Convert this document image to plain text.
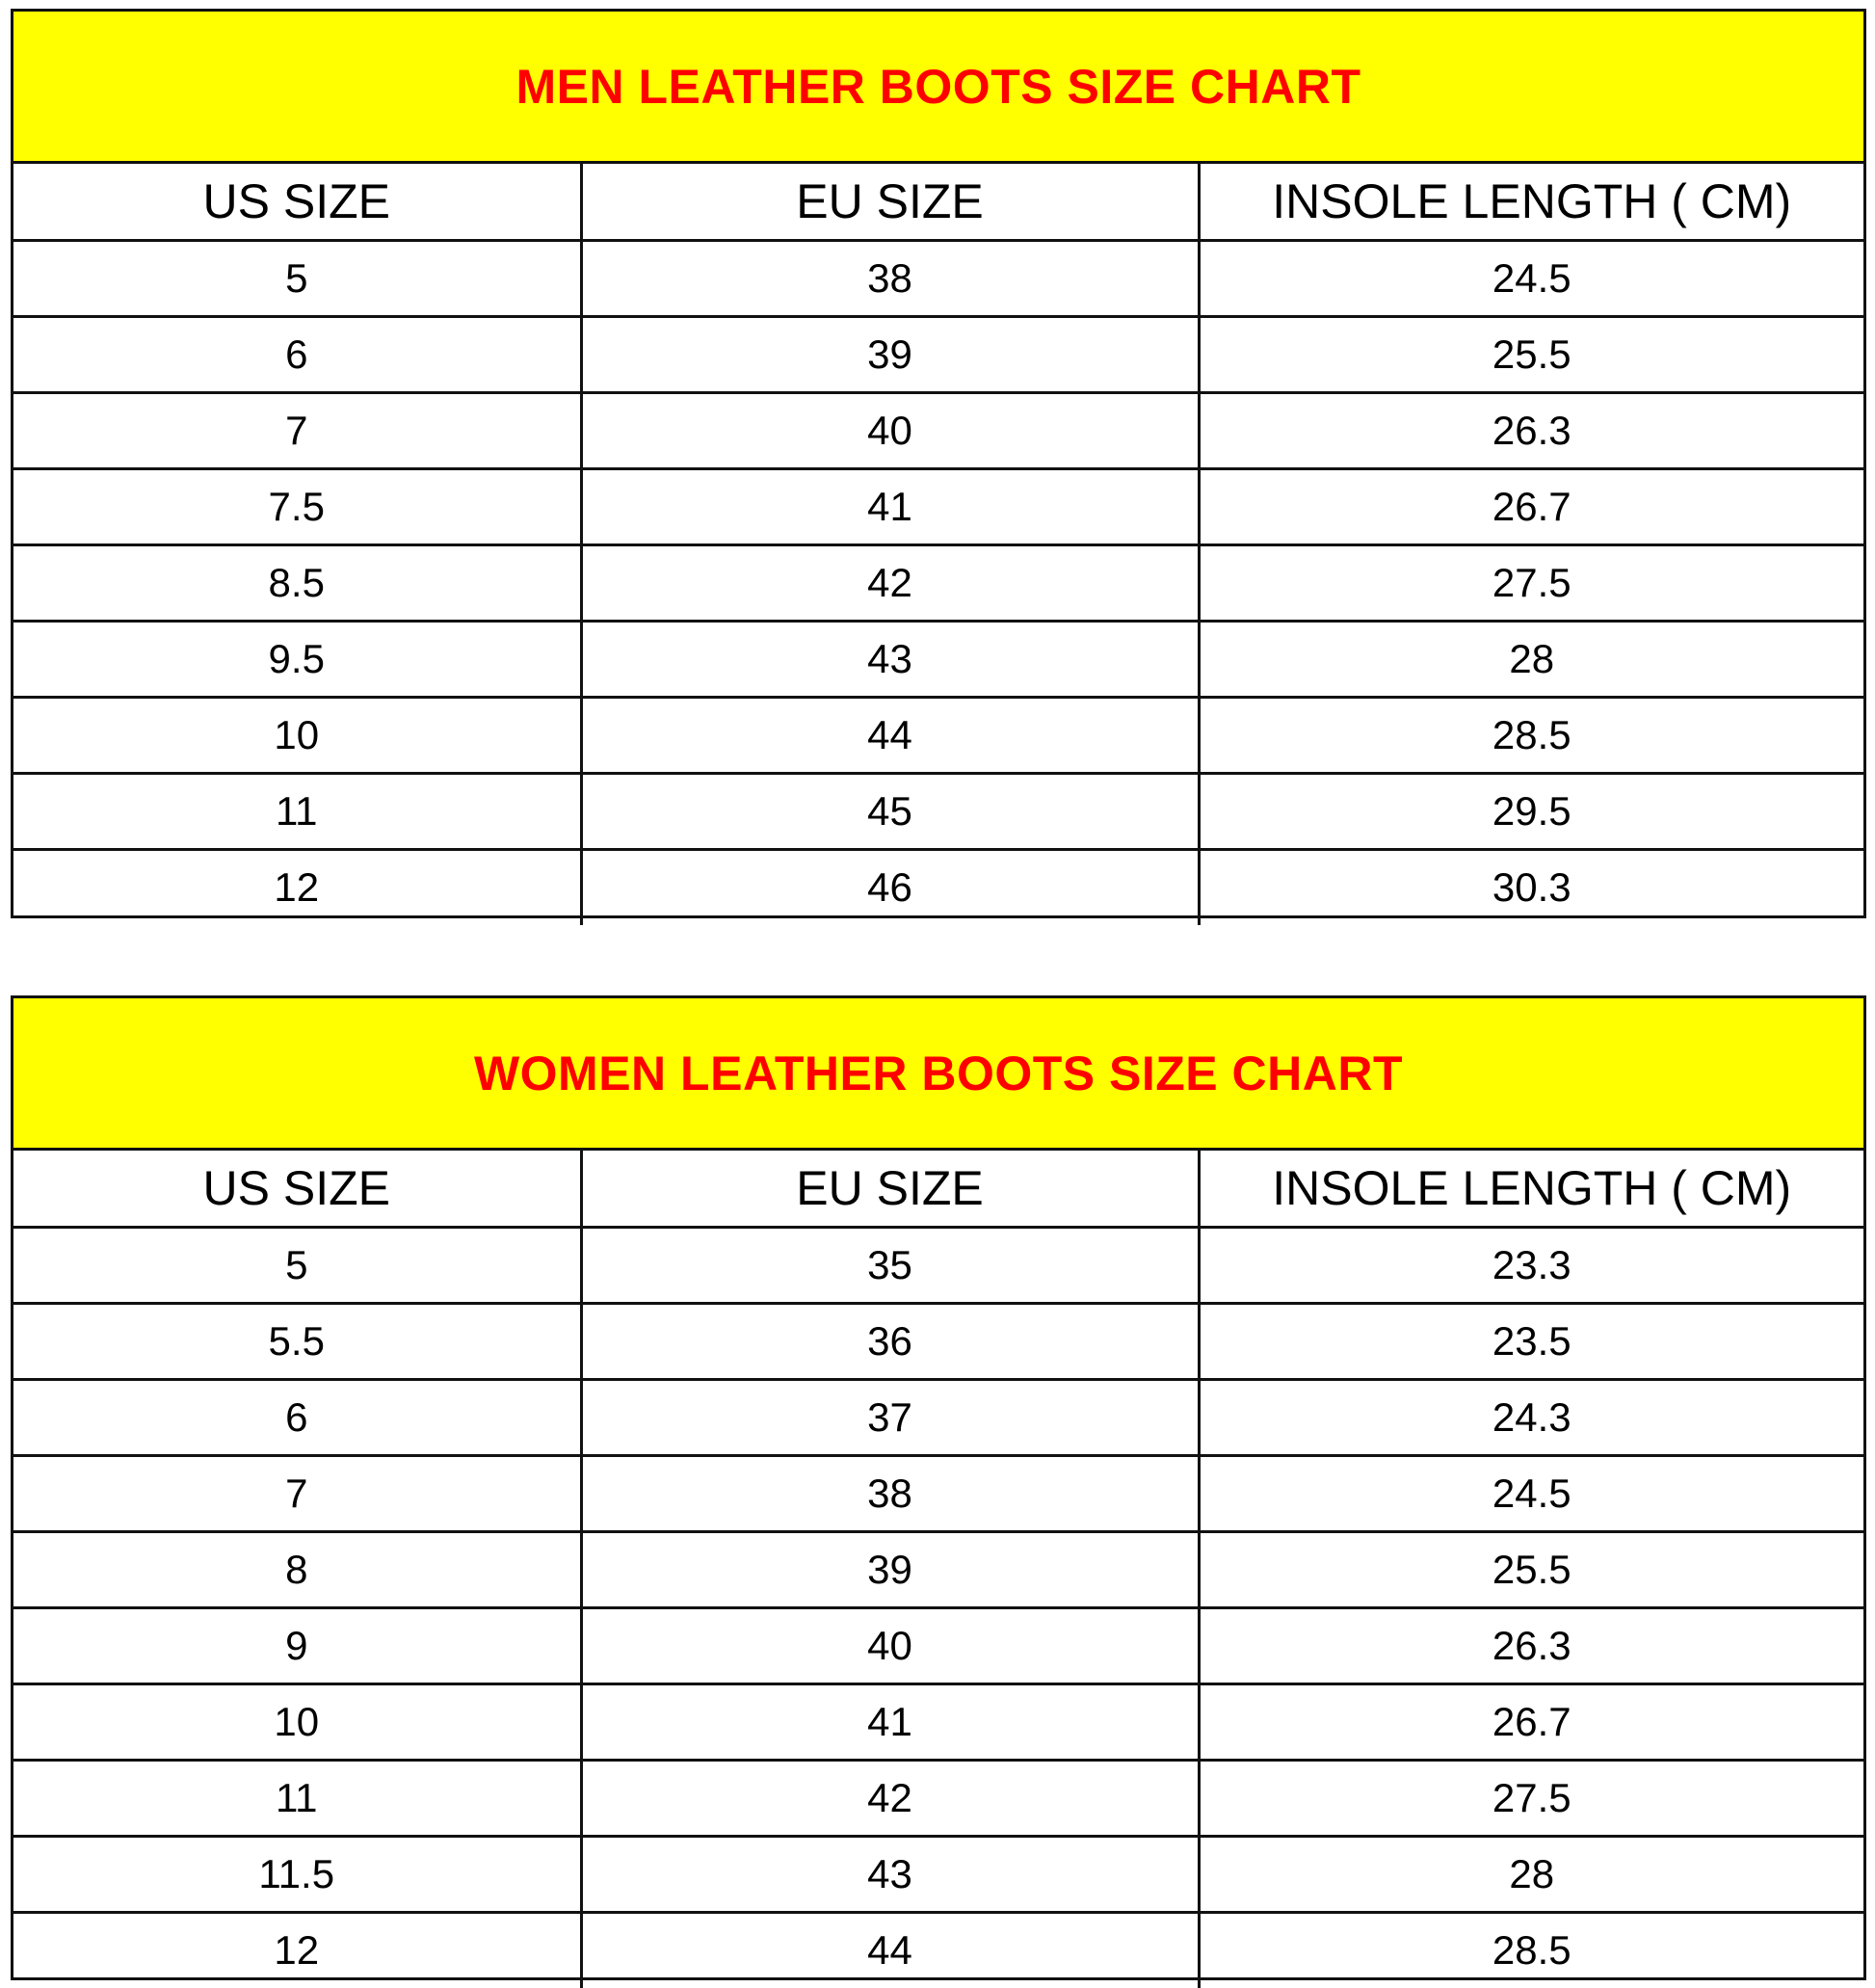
MEN LEATHER BOOTS SIZE CHART
US SIZE	EU SIZE	INSOLE LENGTH ( CM)
5	38	24.5
6	39	25.5
7	40	26.3
7.5	41	26.7
8.5	42	27.5
9.5	43	28
10	44	28.5
11	45	29.5
12	46	30.3
WOMEN LEATHER BOOTS SIZE CHART
US SIZE	EU SIZE	INSOLE LENGTH ( CM)
5	35	23.3
5.5	36	23.5
6	37	24.3
7	38	24.5
8	39	25.5
9	40	26.3
10	41	26.7
11	42	27.5
11.5	43	28
12	44	28.5
